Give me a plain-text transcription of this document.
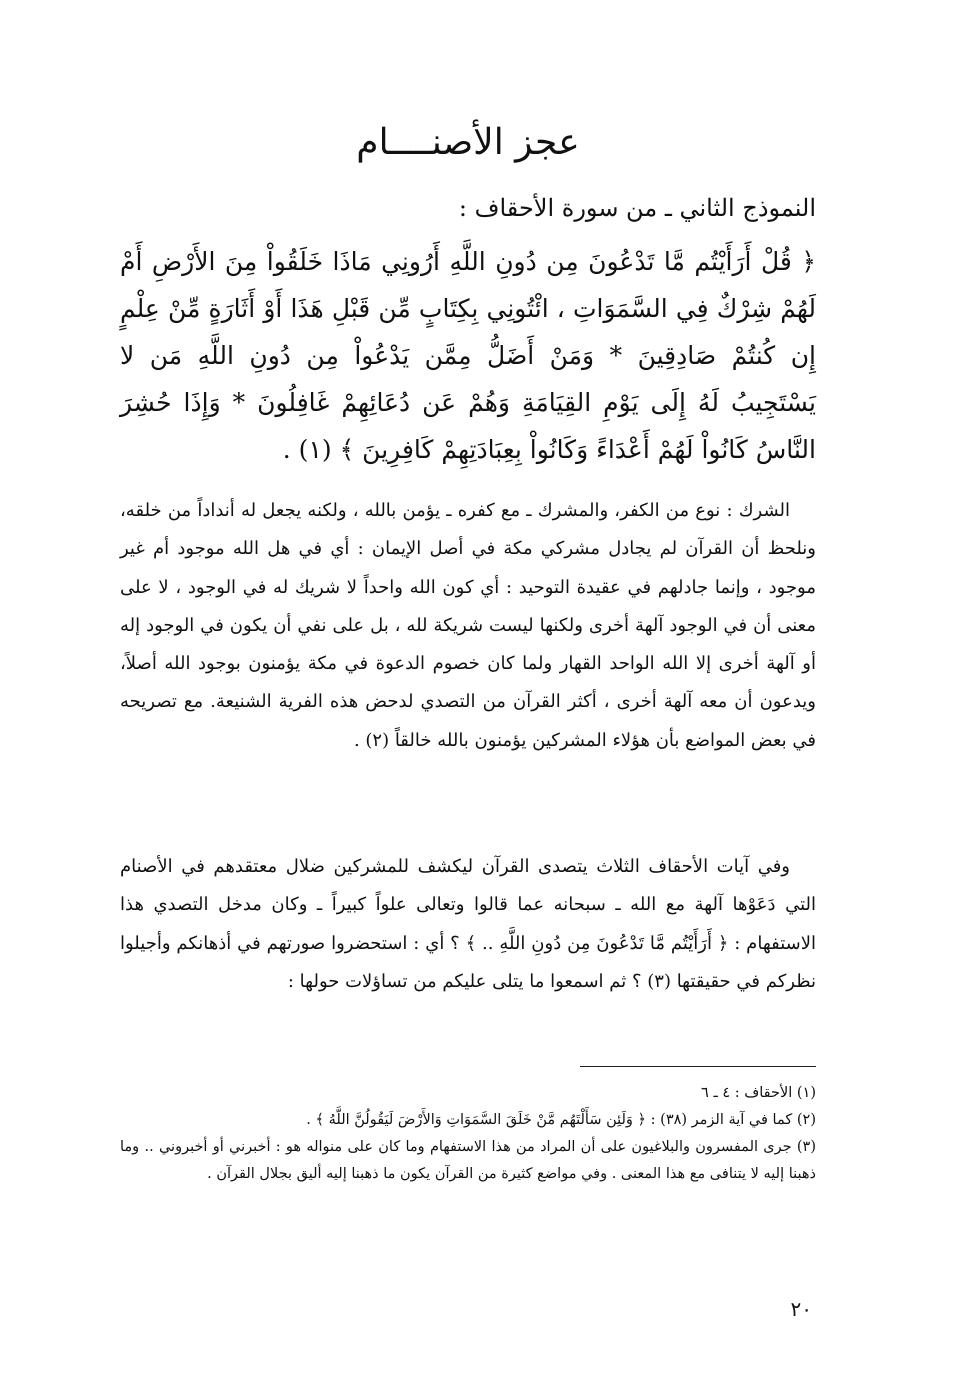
عجز الأصنــــام

النموذج الثاني ـ من سورة الأحقاف :

﴿ قُلْ أَرَأَيْتُم مَّا تَدْعُونَ مِن دُونِ اللَّهِ أَرُونِي مَاذَا خَلَقُواْ مِنَ الأَرْضِ أَمْ لَهُمْ شِرْكٌ فِي السَّمَوَاتِ ، ائْتُونِي بِكِتَابٍ مِّن قَبْلِ هَذَا أَوْ أَثَارَةٍ مِّنْ عِلْمٍ إِن كُنتُمْ صَادِقِينَ * وَمَنْ أَضَلُّ مِمَّن يَدْعُواْ مِن دُونِ اللَّهِ مَن لا يَسْتَجِيبُ لَهُ إِلَى يَوْمِ القِيَامَةِ وَهُمْ عَن دُعَائِهِمْ غَافِلُونَ * وَإِذَا حُشِرَ النَّاسُ كَانُواْ لَهُمْ أَعْدَاءً وَكَانُواْ بِعِبَادَتِهِمْ كَافِرِينَ ﴾ (١) .

الشرك : نوع من الكفر، والمشرك ـ مع كفره ـ يؤمن بالله ، ولكنه يجعل له أنداداً من خلقه، ونلحظ أن القرآن لم يجادل مشركي مكة في أصل الإيمان : أي في هل الله موجود أم غير موجود ، وإنما جادلهم في عقيدة التوحيد : أي كون الله واحداً لا شريك له في الوجود ، لا على معنى أن في الوجود آلهة أخرى ولكنها ليست شريكة لله ، بل على نفي أن يكون في الوجود إله أو آلهة أخرى إلا الله الواحد القهار ولما كان خصوم الدعوة في مكة يؤمنون بوجود الله أصلاً، ويدعون أن معه آلهة أخرى ، أكثر القرآن من التصدي لدحض هذه الفرية الشنيعة. مع تصريحه في بعض المواضع بأن هؤلاء المشركين يؤمنون بالله خالقاً (٢) .

وفي آيات الأحقاف الثلاث يتصدى القرآن ليكشف للمشركين ضلال معتقدهم في الأصنام التي دَعَوْها آلهة مع الله ـ سبحانه عما قالوا وتعالى علواً كبيراً ـ وكان مدخل التصدي هذا الاستفهام : ﴿ أَرَأَيْتُم مَّا تَدْعُونَ مِن دُونِ اللَّهِ .. ﴾ ؟ أي : استحضروا صورتهم في أذهانكم وأجيلوا نظركم في حقيقتها (٣) ؟ ثم اسمعوا ما يتلى عليكم من تساؤلات حولها :

(١) الأحقاف : ٤ ـ ٦
(٢) كما في آية الزمر (٣٨) : ﴿ وَلَئِن سَأَلْتَهُم مَّنْ خَلَقَ السَّمَوَاتِ وَالأَرْضَ لَيَقُولُنَّ اللَّهُ ﴾ .
(٣) جرى المفسرون والبلاغيون على أن المراد من هذا الاستفهام وما كان على منواله هو : أخبرني أو أخبروني .. وما ذهبنا إليه لا يتنافى مع هذا المعنى . وفي مواضع كثيرة من القرآن يكون ما ذهبنا إليه أليق بجلال القرآن .
٢٠
